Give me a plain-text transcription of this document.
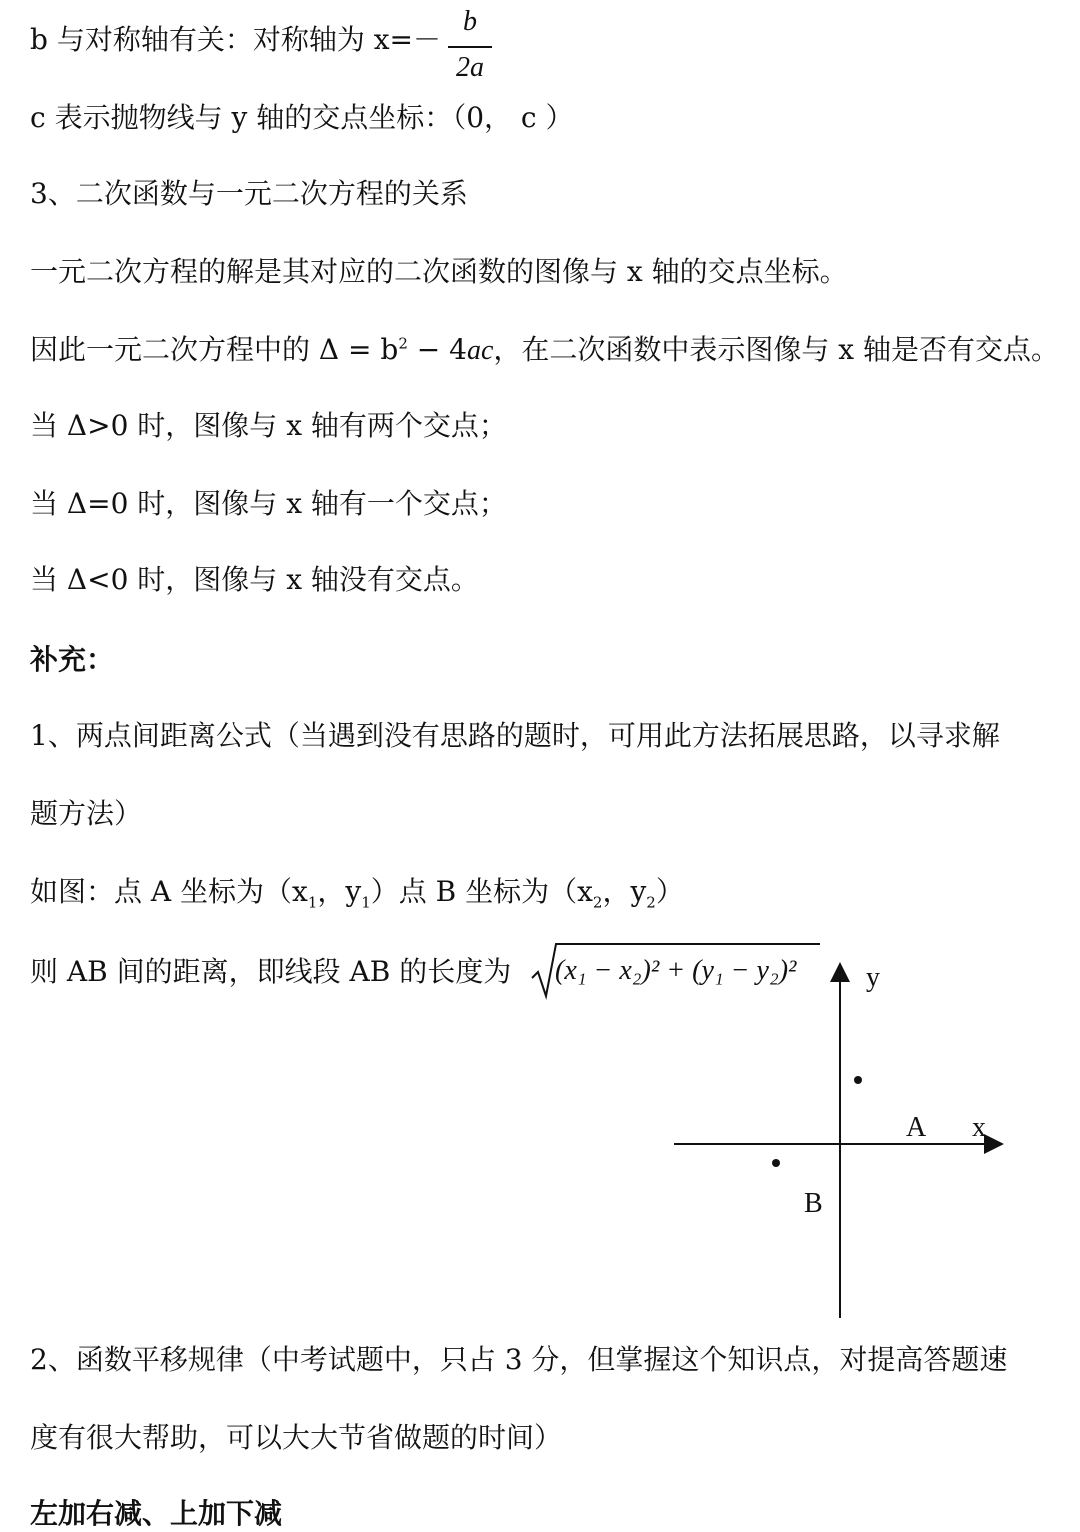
b 与对称轴有关：对称轴为 x=－
b
2a
c 表示抛物线与 y 轴的交点坐标：（0， c ）
3、二次函数与一元二次方程的关系
一元二次方程的解是其对应的二次函数的图像与 x 轴的交点坐标。
因此一元二次方程中的 $\Delta = b^2 - 4ac$，在二次函数中表示图像与 x 轴是否有交点。
当 Δ>0 时，图像与 x 轴有两个交点；
当 Δ=0 时，图像与 x 轴有一个交点；
当 Δ<0 时，图像与 x 轴没有交点。
补充：
1、两点间距离公式（当遇到没有思路的题时，可用此方法拓展思路，以寻求解
题方法）
如图：点 A 坐标为（$x_1$，$y_1$）点 B 坐标为（$x_2$，$y_2$）
则 AB 间的距离，即线段 AB 的长度为 (x₁ − x₂)² + (y₁ − y₂)² y
x
A
B
2、函数平移规律（中考试题中，只占 3 分，但掌握这个知识点，对提高答题速
度有很大帮助，可以大大节省做题的时间）
左加右减、上加下减
